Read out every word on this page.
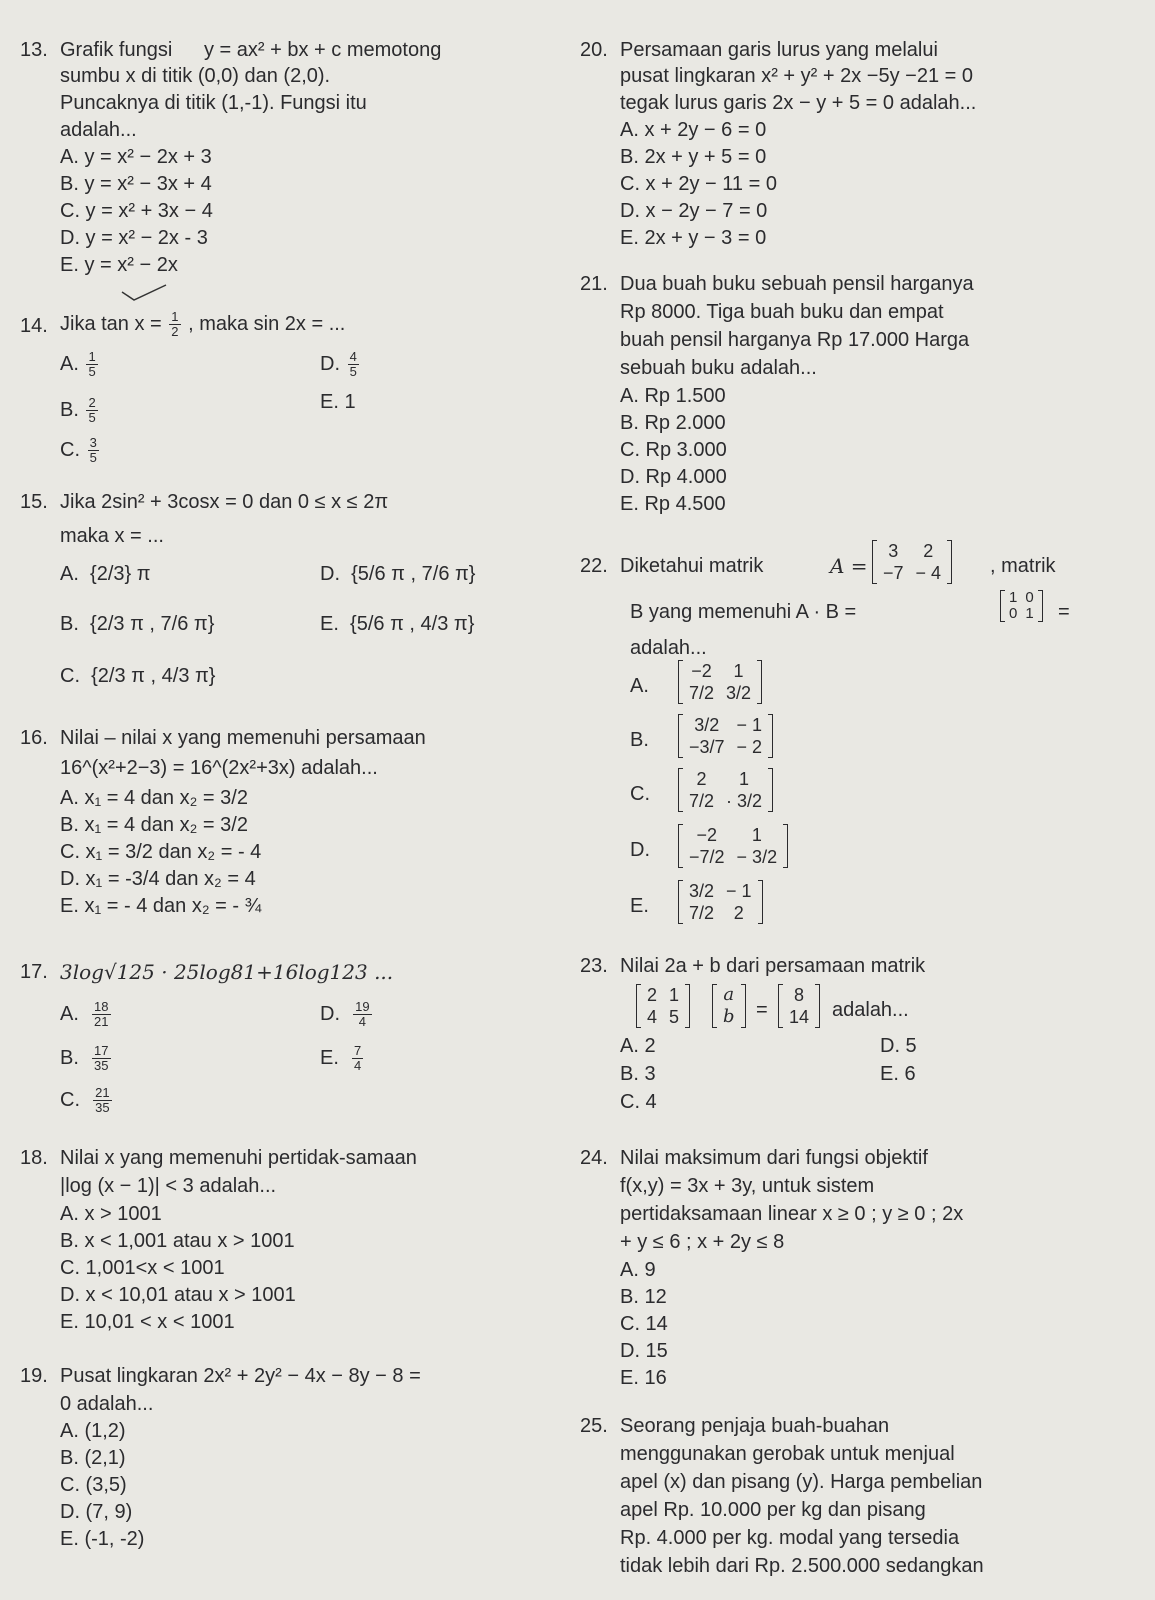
13. Grafik fungsi y = ax² + bx + c memotong
sumbu x di titik (0,0) dan (2,0).
Puncaknya di titik (1,-1). Fungsi itu
adalah...
A. y = x² − 2x + 3
B. y = x² − 3x + 4
C. y = x² + 3x − 4
D. y = x² − 2x - 3
E. y = x² − 2x
14. Jika $\tan x = \frac{1}{2}$ , maka sin 2x = ...
A. $\frac{1}{5}$	D. $\frac{4}{5}$
B. $\frac{2}{5}$	E. 1
C. $\frac{3}{5}$
15. Jika 2sin² + 3cosx = 0 dan 0 ≤ x ≤ 2π
maka x = ...
A. {2/3} π	D. {5/6 π , 7/6 π}
B. {2/3 π , 7/6 π}	E. {5/6 π , 4/3 π}
C. {2/3 π , 4/3 π}
16. Nilai – nilai x yang memenuhi persamaan
16^(x²+2−3) = 16^(2x²+3x) adalah...
A. x₁ = 4 dan x₂ = 3/2
B. x₁ = 4 dan x₂ = 3/2
C. x₁ = 3/2 dan x₂ = - 4
D. x₁ = -3/4 dan x₂ = 4
E. x₁ = - 4 dan x₂ = - ¾
17. 3log√125 · 25log81+16log123 ...
A. $\frac{18}{21}$	D. $\frac{19}{4}$
B. $\frac{17}{35}$	E. $\frac{7}{4}$
C. $\frac{21}{35}$
18. Nilai x yang memenuhi pertidak-samaan
|log (x − 1)| < 3 adalah...
A. x > 1001
B. x < 1,001 atau x > 1001
C. 1,001<x < 1001
D. x < 10,01 atau x > 1001
E. 10,01 < x < 1001
19. Pusat lingkaran 2x² + 2y² − 4x − 8y − 8 =
0 adalah...
A. (1,2)
B. (2,1)
C. (3,5)
D. (7, 9)
E. (-1, -2)
20. Persamaan garis lurus yang melalui
pusat lingkaran x² + y² + 2x −5y −21 = 0
tegak lurus garis 2x − y + 5 = 0 adalah...
A. x + 2y − 6 = 0
B. 2x + y + 5 = 0
C. x + 2y − 11 = 0
D. x − 2y − 7 = 0
E. 2x + y − 3 = 0
21. Dua buah buku sebuah pensil harganya
Rp 8000. Tiga buah buku dan empat
buah pensil harganya Rp 17.000 Harga
sebuah buku adalah...
A. Rp 1.500
B. Rp 2.000
C. Rp 3.000
D. Rp 4.000
E. Rp 4.500
22. Diketahui matrik	A =
3	2
−7	− 4 , matrik
B yang memenuhi A · B =
1	0
0	1 =
adalah...
A.
−2	1
7/2	3/2
B.
3/2	− 1
−3/7	− 2
C.
2	1
7/2	· 3/2
D.
−2	1
−7/2	− 3/2
E.
3/2	− 1
7/2	2
23. Nilai 2a + b dari persamaan matrik
2	1
4	5
a
b =
8
14 adalah...
A. 2
B. 3
C. 4
D. 5
E. 6
24. Nilai maksimum dari fungsi objektif
f(x,y) = 3x + 3y, untuk sistem
pertidaksamaan linear x ≥ 0 ; y ≥ 0 ; 2x
+ y ≤ 6 ; x + 2y ≤ 8
A. 9
B. 12
C. 14
D. 15
E. 16
25. Seorang penjaja buah-buahan
menggunakan gerobak untuk menjual
apel (x) dan pisang (y). Harga pembelian
apel Rp. 10.000 per kg dan pisang
Rp. 4.000 per kg. modal yang tersedia
tidak lebih dari Rp. 2.500.000 sedangkan
